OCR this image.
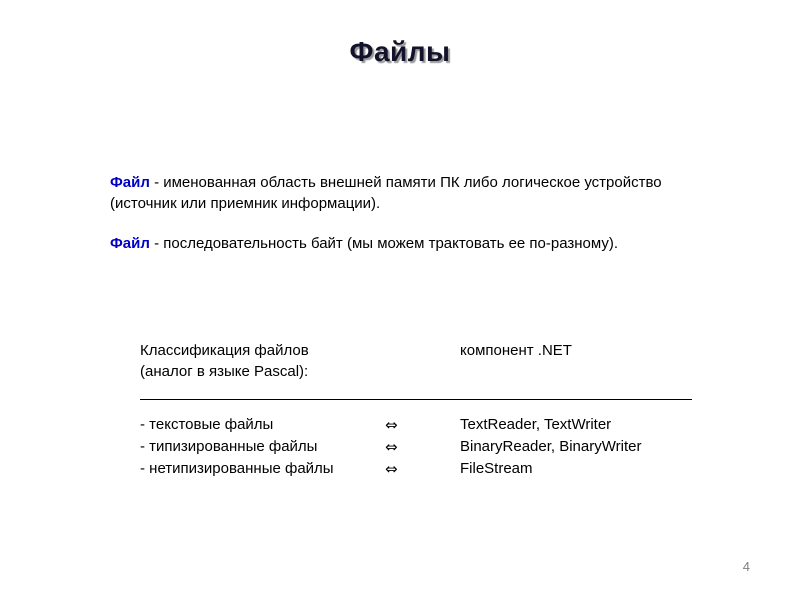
Файлы

Файл - именованная область внешней памяти ПК либо логическое устройство (источник или приемник информации).

Файл - последовательность байт (мы можем трактовать ее по-разному).

Классификация файлов	компонент .NET
(аналог в языке Pascal):
- текстовые файлы	⇔	TextReader, TextWriter
- типизированные файлы	⇔	BinaryReader, BinaryWriter
- нетипизированные файлы	⇔	FileStream
4
